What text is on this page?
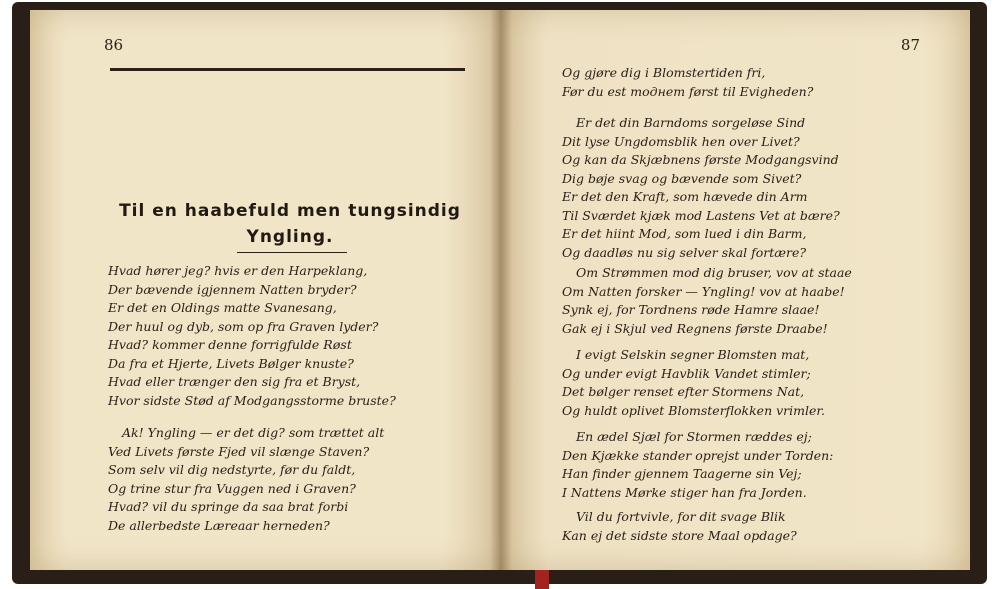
86
Til en haabefuld men tungsindig
Yngling.
Hvad hører jeg? hvis er den Harpeklang,
Der bævende igjennem Natten bryder?
Er det en Oldings matte Svanesang,
Der huul og dyb, som op fra Graven lyder?
Hvad? kommer denne forrigfulde Røst
Da fra et Hjerte, Livets Bølger knuste?
Hvad eller trænger den sig fra et Bryst,
Hvor sidste Stød af Modgangsstorme bruste?
Ak! Yngling — er det dig? som trættet alt
Ved Livets første Fjed vil slænge Staven?
Som selv vil dig nedstyrte, før du faldt,
Og trine stur fra Vuggen ned i Graven?
Hvad? vil du springe da saa brat forbi
De allerbedste Læreaar herneden?
87
Og gjøre dig i Blomstertiden fri,
Før du est moднет først til Evigheden?
Er det din Barndoms sorgeløse Sind
Dit lyse Ungdomsblik hen over Livet?
Og kan da Skjæbnens første Modgangsvind
Dig bøje svag og bævende som Sivet?
Er det den Kraft, som hævede din Arm
Til Sværdet kjæk mod Lastens Vet at bære?
Er det hiint Mod, som lued i din Barm,
Og daadløs nu sig selver skal fortære?
Om Strømmen mod dig bruser, vov at staae
Om Natten forsker — Yngling! vov at haabe!
Synk ej, for Tordnens røde Hamre slaae!
Gak ej i Skjul ved Regnens første Draabe!
I evigt Selskin segner Blomsten mat,
Og under evigt Havblik Vandet stimler;
Det bølger renset efter Stormens Nat,
Og huldt oplivet Blomsterflokken vrimler.
En ædel Sjæl for Stormen ræddes ej;
Den Kjække stander oprejst under Torden:
Han finder gjennem Taagerne sin Vej;
I Nattens Mørke stiger han fra Jorden.
Vil du fortvivle, for dit svage Blik
Kan ej det sidste store Maal opdage?
